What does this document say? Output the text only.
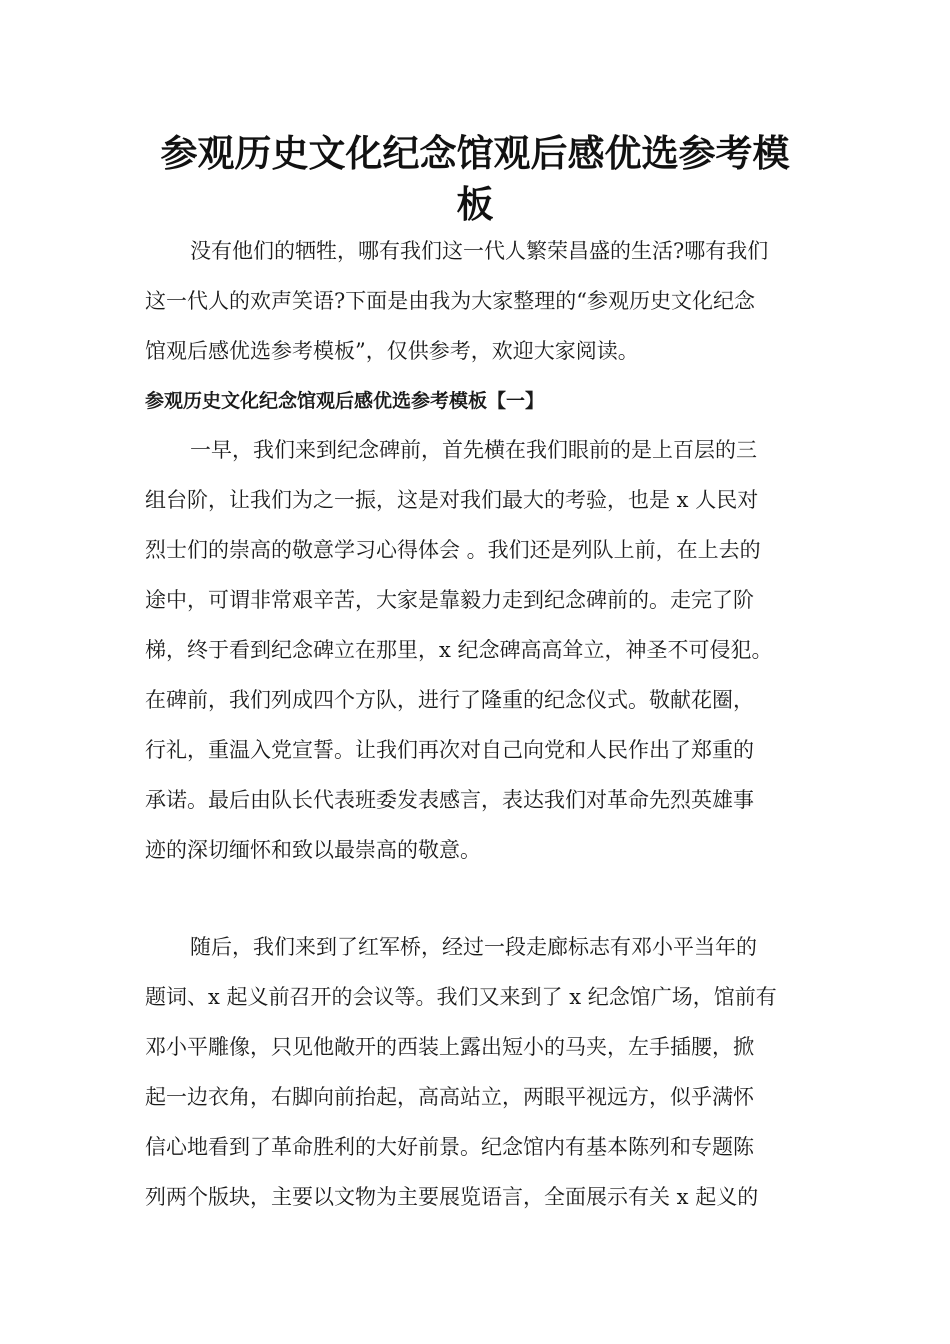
参观历史文化纪念馆观后感优选参考模
板

没有他们的牺牲，哪有我们这一代人繁荣昌盛的生活?哪有我们

这一代人的欢声笑语?下面是由我为大家整理的“参观历史文化纪念

馆观后感优选参考模板”，仅供参考，欢迎大家阅读。

参观历史文化纪念馆观后感优选参考模板【一】

一早，我们来到纪念碑前，首先横在我们眼前的是上百层的三

组台阶，让我们为之一振，这是对我们最大的考验，也是 x 人民对

烈士们的崇高的敬意学习心得体会 。我们还是列队上前，在上去的

途中，可谓非常艰辛苦，大家是靠毅力走到纪念碑前的。走完了阶

梯，终于看到纪念碑立在那里，x 纪念碑高高耸立，神圣不可侵犯。

在碑前，我们列成四个方队，进行了隆重的纪念仪式。敬献花圈，

行礼，重温入党宣誓。让我们再次对自己向党和人民作出了郑重的

承诺。最后由队长代表班委发表感言，表达我们对革命先烈英雄事

迹的深切缅怀和致以最崇高的敬意。

随后，我们来到了红军桥，经过一段走廊标志有邓小平当年的

题词、x 起义前召开的会议等。我们又来到了 x 纪念馆广场，馆前有

邓小平雕像，只见他敞开的西装上露出短小的马夹，左手插腰，掀

起一边衣角，右脚向前抬起，高高站立，两眼平视远方，似乎满怀

信心地看到了革命胜利的大好前景。纪念馆内有基本陈列和专题陈

列两个版块，主要以文物为主要展览语言，全面展示有关 x 起义的
